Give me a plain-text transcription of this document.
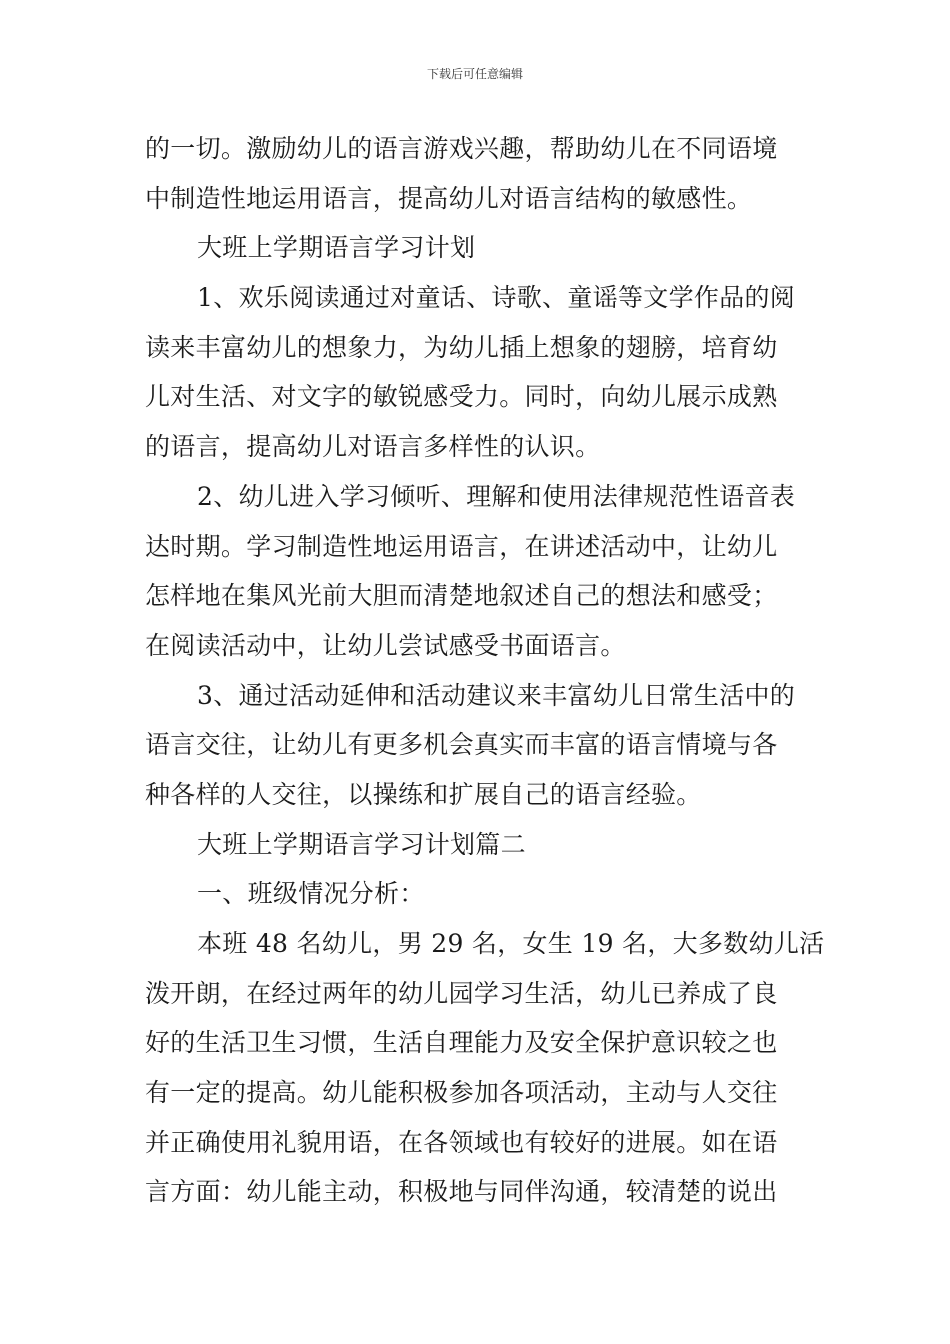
下载后可任意编辑
的一切。激励幼儿的语言游戏兴趣，帮助幼儿在不同语境
中制造性地运用语言，提高幼儿对语言结构的敏感性。
大班上学期语言学习计划
1、欢乐阅读通过对童话、诗歌、童谣等文学作品的阅
读来丰富幼儿的想象力，为幼儿插上想象的翅膀，培育幼
儿对生活、对文字的敏锐感受力。同时，向幼儿展示成熟
的语言，提高幼儿对语言多样性的认识。
2、幼儿进入学习倾听、理解和使用法律规范性语音表
达时期。学习制造性地运用语言，在讲述活动中，让幼儿
怎样地在集风光前大胆而清楚地叙述自己的想法和感受；
在阅读活动中，让幼儿尝试感受书面语言。
3、通过活动延伸和活动建议来丰富幼儿日常生活中的
语言交往，让幼儿有更多机会真实而丰富的语言情境与各
种各样的人交往，以操练和扩展自己的语言经验。
大班上学期语言学习计划篇二
一、班级情况分析：
本班 48 名幼儿，男 29 名，女生 19 名，大多数幼儿活
泼开朗，在经过两年的幼儿园学习生活，幼儿已养成了良
好的生活卫生习惯，生活自理能力及安全保护意识较之也
有一定的提高。幼儿能积极参加各项活动，主动与人交往
并正确使用礼貌用语，在各领域也有较好的进展。如在语
言方面：幼儿能主动，积极地与同伴沟通，较清楚的说出
